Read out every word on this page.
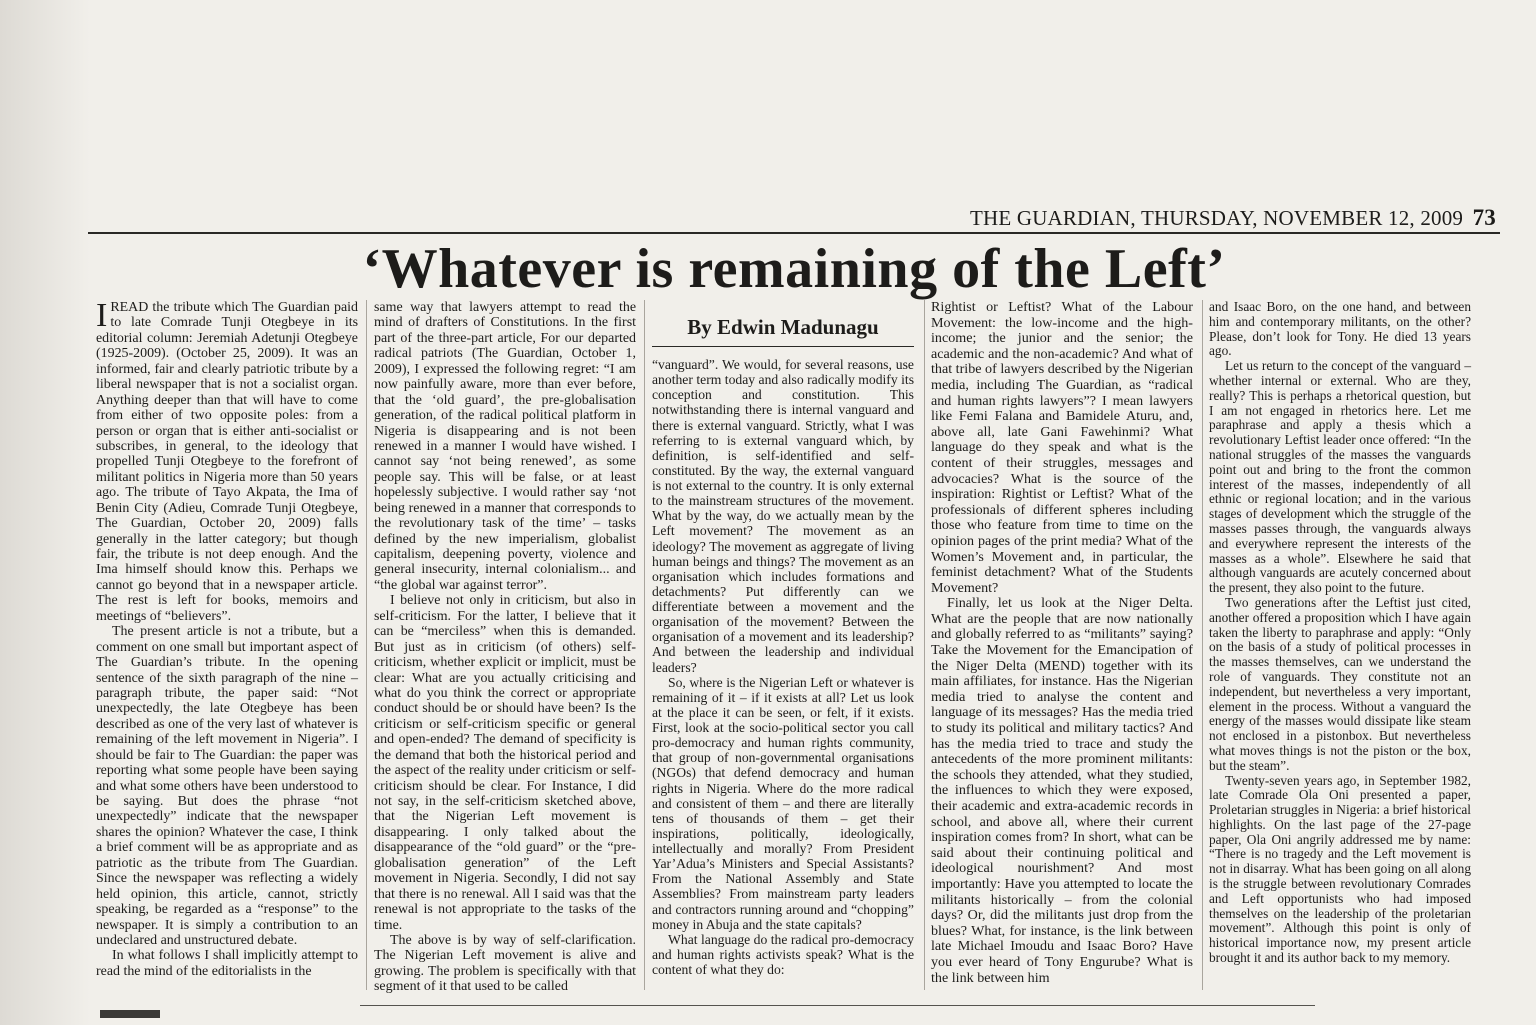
THE GUARDIAN, THURSDAY, NOVEMBER 12, 2009 73
‘Whatever is remaining of the Left’

IREAD the tribute which The Guardian paid to late Comrade Tunji Otegbeye in its editorial column: Jeremiah Adetunji Otegbeye (1925-2009). (October 25, 2009). It was an informed, fair and clearly patriotic tribute by a liberal newspaper that is not a socialist organ. Anything deeper than that will have to come from either of two opposite poles: from a person or organ that is either anti-socialist or subscribes, in general, to the ideology that propelled Tunji Otegbeye to the forefront of militant politics in Nigeria more than 50 years ago. The tribute of Tayo Akpata, the Ima of Benin City (Adieu, Comrade Tunji Otegbeye, The Guardian, October 20, 2009) falls generally in the latter category; but though fair, the tribute is not deep enough. And the Ima himself should know this. Perhaps we cannot go beyond that in a newspaper article. The rest is left for books, memoirs and meetings of “believers”.

The present article is not a tribute, but a comment on one small but important aspect of The Guardian’s tribute. In the opening sentence of the sixth paragraph of the nine – paragraph tribute, the paper said: “Not unexpectedly, the late Otegbeye has been described as one of the very last of whatever is remaining of the left movement in Nigeria”. I should be fair to The Guardian: the paper was reporting what some people have been saying and what some others have been understood to be saying. But does the phrase “not unexpectedly” indicate that the newspaper shares the opinion? Whatever the case, I think a brief comment will be as appropriate and as patriotic as the tribute from The Guardian. Since the newspaper was reflecting a widely held opinion, this article, cannot, strictly speaking, be regarded as a “response” to the newspaper. It is simply a contribution to an undeclared and unstructured debate.

In what follows I shall implicitly attempt to read the mind of the editorialists in the

same way that lawyers attempt to read the mind of drafters of Constitutions. In the first part of the three-part article, For our departed radical patriots (The Guardian, October 1, 2009), I expressed the following regret: “I am now painfully aware, more than ever before, that the ‘old guard’, the pre-globalisation generation, of the radical political platform in Nigeria is disappearing and is not been renewed in a manner I would have wished. I cannot say ‘not being renewed’, as some people say. This will be false, or at least hopelessly subjective. I would rather say ‘not being renewed in a manner that corresponds to the revolutionary task of the time’ – tasks defined by the new imperialism, globalist capitalism, deepening poverty, violence and general insecurity, internal colonialism... and “the global war against terror”.

I believe not only in criticism, but also in self-criticism. For the latter, I believe that it can be “merciless” when this is demanded. But just as in criticism (of others) self-criticism, whether explicit or implicit, must be clear: What are you actually criticising and what do you think the correct or appropriate conduct should be or should have been? Is the criticism or self-criticism specific or general and open-ended? The demand of specificity is the demand that both the historical period and the aspect of the reality under criticism or self-criticism should be clear. For Instance, I did not say, in the self-criticism sketched above, that the Nigerian Left movement is disappearing. I only talked about the disappearance of the “old guard” or the “pre-globalisation generation” of the Left movement in Nigeria. Secondly, I did not say that there is no renewal. All I said was that the renewal is not appropriate to the tasks of the time.

The above is by way of self-clarification. The Nigerian Left movement is alive and growing. The problem is specifically with that segment of it that used to be called

By Edwin Madunagu

“vanguard”. We would, for several reasons, use another term today and also radically modify its conception and constitution. This notwithstanding there is internal vanguard and there is external vanguard. Strictly, what I was referring to is external vanguard which, by definition, is self-identified and self-constituted. By the way, the external vanguard is not external to the country. It is only external to the mainstream structures of the movement. What by the way, do we actually mean by the Left movement? The movement as an ideology? The movement as aggregate of living human beings and things? The movement as an organisation which includes formations and detachments? Put differently can we differentiate between a movement and the organisation of the movement? Between the organisation of a movement and its leadership? And between the leadership and individual leaders?

So, where is the Nigerian Left or whatever is remaining of it – if it exists at all? Let us look at the place it can be seen, or felt, if it exists. First, look at the socio-political sector you call pro-democracy and human rights community, that group of non-governmental organisations (NGOs) that defend democracy and human rights in Nigeria. Where do the more radical and consistent of them – and there are literally tens of thousands of them – get their inspirations, politically, ideologically, intellectually and morally? From President Yar’Adua’s Ministers and Special Assistants? From the National Assembly and State Assemblies? From mainstream party leaders and contractors running around and “chopping” money in Abuja and the state capitals?

What language do the radical pro-democracy and human rights activists speak? What is the content of what they do:

Rightist or Leftist? What of the Labour Movement: the low-income and the high-income; the junior and the senior; the academic and the non-academic? And what of that tribe of lawyers described by the Nigerian media, including The Guardian, as “radical and human rights lawyers”? I mean lawyers like Femi Falana and Bamidele Aturu, and, above all, late Gani Fawehinmi? What language do they speak and what is the content of their struggles, messages and advocacies? What is the source of the inspiration: Rightist or Leftist? What of the professionals of different spheres including those who feature from time to time on the opinion pages of the print media? What of the Women’s Movement and, in particular, the feminist detachment? What of the Students Movement?

Finally, let us look at the Niger Delta. What are the people that are now nationally and globally referred to as “militants” saying? Take the Movement for the Emancipation of the Niger Delta (MEND) together with its main affiliates, for instance. Has the Nigerian media tried to analyse the content and language of its messages? Has the media tried to study its political and military tactics? And has the media tried to trace and study the antecedents of the more prominent militants: the schools they attended, what they studied, the influences to which they were exposed, their academic and extra-academic records in school, and above all, where their current inspiration comes from? In short, what can be said about their continuing political and ideological nourishment? And most importantly: Have you attempted to locate the militants historically – from the colonial days? Or, did the militants just drop from the blues? What, for instance, is the link between late Michael Imoudu and Isaac Boro? Have you ever heard of Tony Engurube? What is the link between him

and Isaac Boro, on the one hand, and between him and contemporary militants, on the other? Please, don’t look for Tony. He died 13 years ago.

Let us return to the concept of the vanguard – whether internal or external. Who are they, really? This is perhaps a rhetorical question, but I am not engaged in rhetorics here. Let me paraphrase and apply a thesis which a revolutionary Leftist leader once offered: “In the national struggles of the masses the vanguards point out and bring to the front the common interest of the masses, independently of all ethnic or regional location; and in the various stages of development which the struggle of the masses passes through, the vanguards always and everywhere represent the interests of the masses as a whole”. Elsewhere he said that although vanguards are acutely concerned about the present, they also point to the future.

Two generations after the Leftist just cited, another offered a proposition which I have again taken the liberty to paraphrase and apply: “Only on the basis of a study of political processes in the masses themselves, can we understand the role of vanguards. They constitute not an independent, but nevertheless a very important, element in the process. Without a vanguard the energy of the masses would dissipate like steam not enclosed in a pistonbox. But nevertheless what moves things is not the piston or the box, but the steam”.

Twenty-seven years ago, in September 1982, late Comrade Ola Oni presented a paper, Proletarian struggles in Nigeria: a brief historical highlights. On the last page of the 27-page paper, Ola Oni angrily addressed me by name: “There is no tragedy and the Left movement is not in disarray. What has been going on all along is the struggle between revolutionary Comrades and Left opportunists who had imposed themselves on the leadership of the proletarian movement”. Although this point is only of historical importance now, my present article brought it and its author back to my memory.
